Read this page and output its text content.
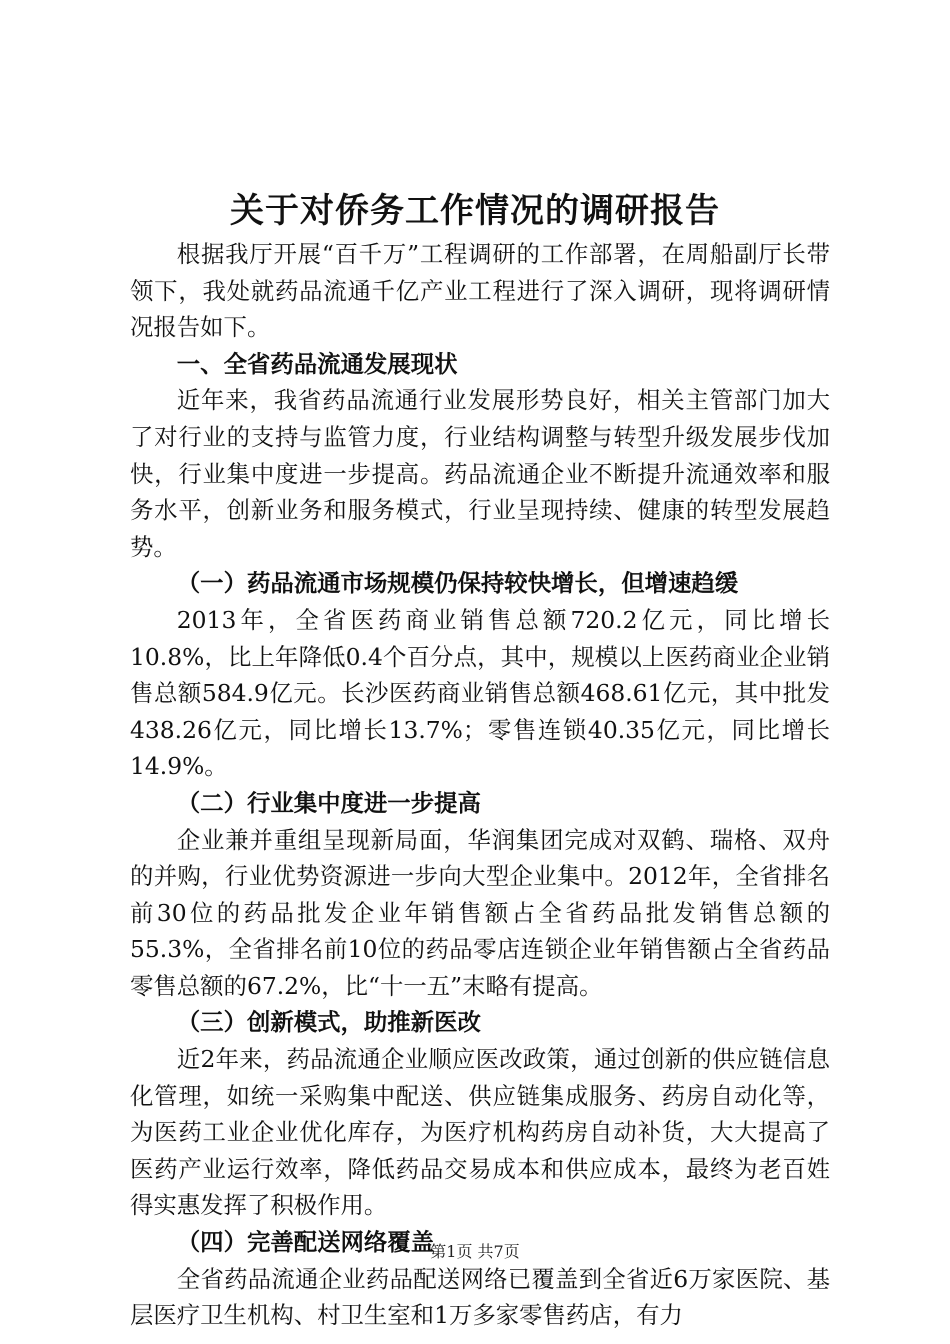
关于对侨务工作情况的调研报告

根据我厅开展“百千万”工程调研的工作部署，在周船副厅长带领下，我处就药品流通千亿产业工程进行了深入调研，现将调研情况报告如下。

一、全省药品流通发展现状

近年来，我省药品流通行业发展形势良好，相关主管部门加大了对行业的支持与监管力度，行业结构调整与转型升级发展步伐加快，行业集中度进一步提高。药品流通企业不断提升流通效率和服务水平，创新业务和服务模式，行业呈现持续、健康的转型发展趋势。

（一）药品流通市场规模仍保持较快增长，但增速趋缓

2013年，全省医药商业销售总额720.2亿元，同比增长10.8%，比上年降低0.4个百分点，其中，规模以上医药商业企业销售总额584.9亿元。长沙医药商业销售总额468.61亿元，其中批发438.26亿元，同比增长13.7%；零售连锁40.35亿元，同比增长14.9%。

（二）行业集中度进一步提高

企业兼并重组呈现新局面，华润集团完成对双鹤、瑞格、双舟的并购，行业优势资源进一步向大型企业集中。2012年，全省排名前30位的药品批发企业年销售额占全省药品批发销售总额的55.3%，全省排名前10位的药品零店连锁企业年销售额占全省药品零售总额的67.2%，比“十一五”末略有提高。

（三）创新模式，助推新医改

近2年来，药品流通企业顺应医改政策，通过创新的供应链信息化管理，如统一采购集中配送、供应链集成服务、药房自动化等，为医药工业企业优化库存，为医疗机构药房自动补货，大大提高了医药产业运行效率，降低药品交易成本和供应成本，最终为老百姓得实惠发挥了积极作用。

（四）完善配送网络覆盖

全省药品流通企业药品配送网络已覆盖到全省近6万家医院、基层医疗卫生机构、村卫生室和1万多家零售药店，有力

第1页 共7页
